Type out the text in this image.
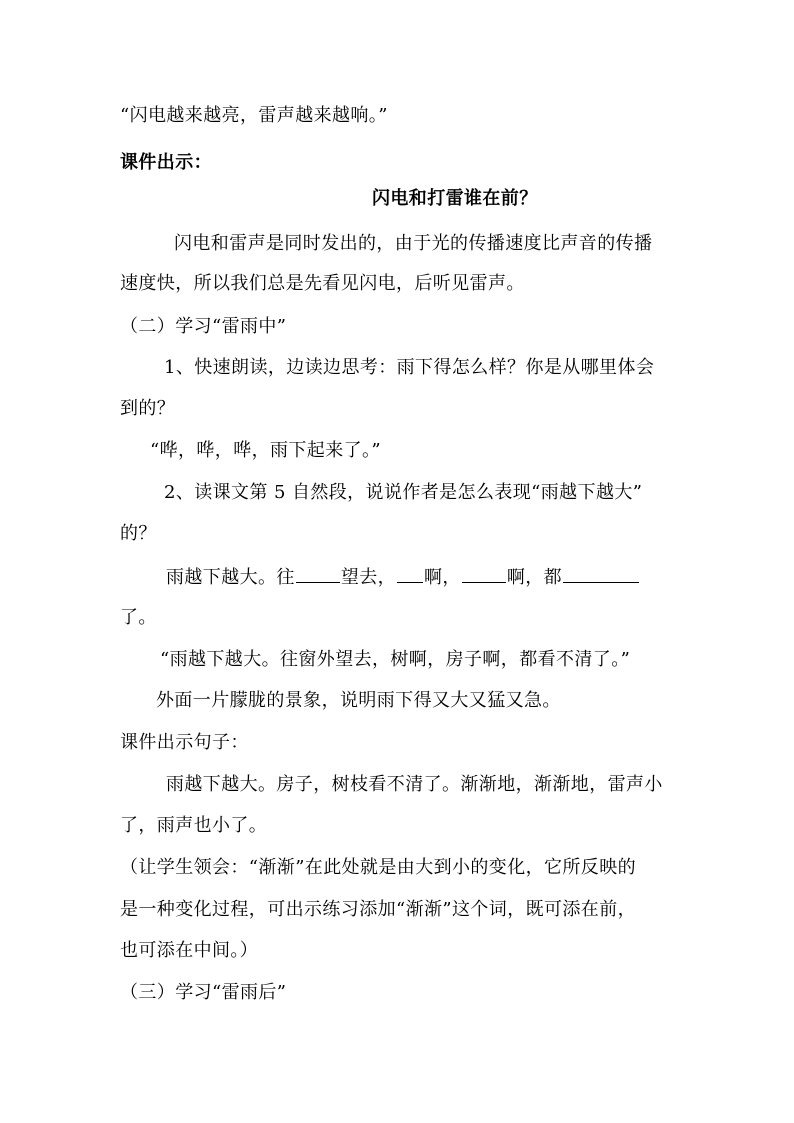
“闪电越来越亮，雷声越来越响。”
课件出示：
闪电和打雷谁在前？
闪电和雷声是同时发出的，由于光的传播速度比声音的传播
速度快，所以我们总是先看见闪电，后听见雷声。
（二）学习“雷雨中”
1、快速朗读，边读边思考：雨下得怎么样？你是从哪里体会
到的？
“哗，哗，哗，雨下起来了。”
2、读课文第 5 自然段，说说作者是怎么表现“雨越下越大”
的？
雨越下越大。往	望去， 啊，	啊，都
了。
“雨越下越大。往窗外望去，树啊，房子啊，都看不清了。”
外面一片朦胧的景象，说明雨下得又大又猛又急。
课件出示句子：
雨越下越大。房子，树枝看不清了。渐渐地，渐渐地，雷声小
了，雨声也小了。
（让学生领会：“渐渐”在此处就是由大到小的变化，它所反映的
是一种变化过程，可出示练习添加“渐渐”这个词，既可添在前，
也可添在中间。）
（三）学习“雷雨后”
